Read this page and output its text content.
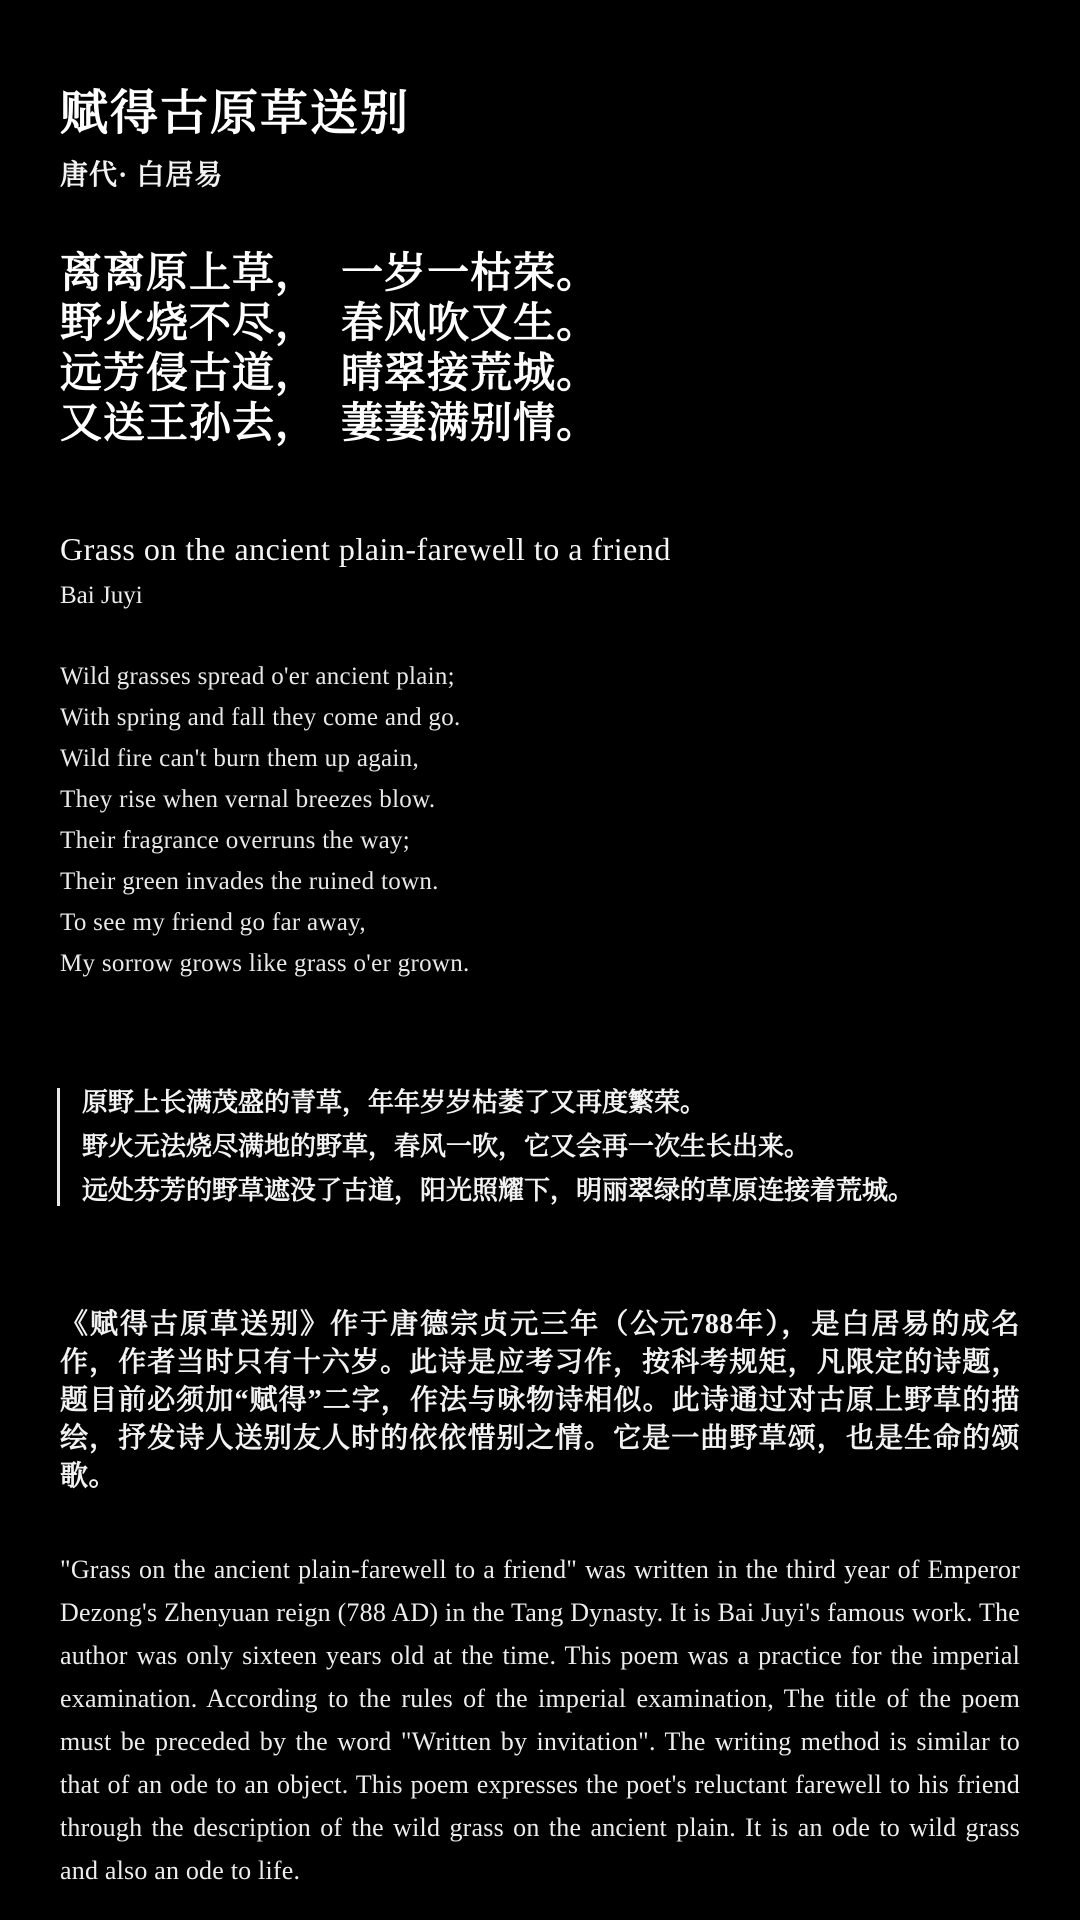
赋得古原草送别
唐代· 白居易
离离原上草， 一岁一枯荣。
野火烧不尽， 春风吹又生。
远芳侵古道， 晴翠接荒城。
又送王孙去， 萋萋满别情。
Grass on the ancient plain-farewell to a friend
Bai Juyi
Wild grasses spread o'er ancient plain;
With spring and fall they come and go.
Wild fire can't burn them up again,
They rise when vernal breezes blow.
Their fragrance overruns the way;
Their green invades the ruined town.
To see my friend go far away,
My sorrow grows like grass o'er grown.
原野上长满茂盛的青草，年年岁岁枯萎了又再度繁荣。
野火无法烧尽满地的野草，春风一吹，它又会再一次生长出来。
远处芬芳的野草遮没了古道，阳光照耀下，明丽翠绿的草原连接着荒城。

《赋得古原草送别》作于唐德宗贞元三年（公元788年），是白居易的成名作，作者当时只有十六岁。此诗是应考习作，按科考规矩，凡限定的诗题，题目前必须加“赋得”二字，作法与咏物诗相似。此诗通过对古原上野草的描绘，抒发诗人送别友人时的依依惜别之情。它是一曲野草颂，也是生命的颂歌。

"Grass on the ancient plain-farewell to a friend" was written in the third year of Emperor Dezong's Zhenyuan reign (788 AD) in the Tang Dynasty. It is Bai Juyi's famous work. The author was only sixteen years old at the time. This poem was a practice for the imperial examination. According to the rules of the imperial examination, The title of the poem must be preceded by the word "Written by invitation". The writing method is similar to that of an ode to an object. This poem expresses the poet's reluctant farewell to his friend through the description of the wild grass on the ancient plain. It is an ode to wild grass and also an ode to life.
